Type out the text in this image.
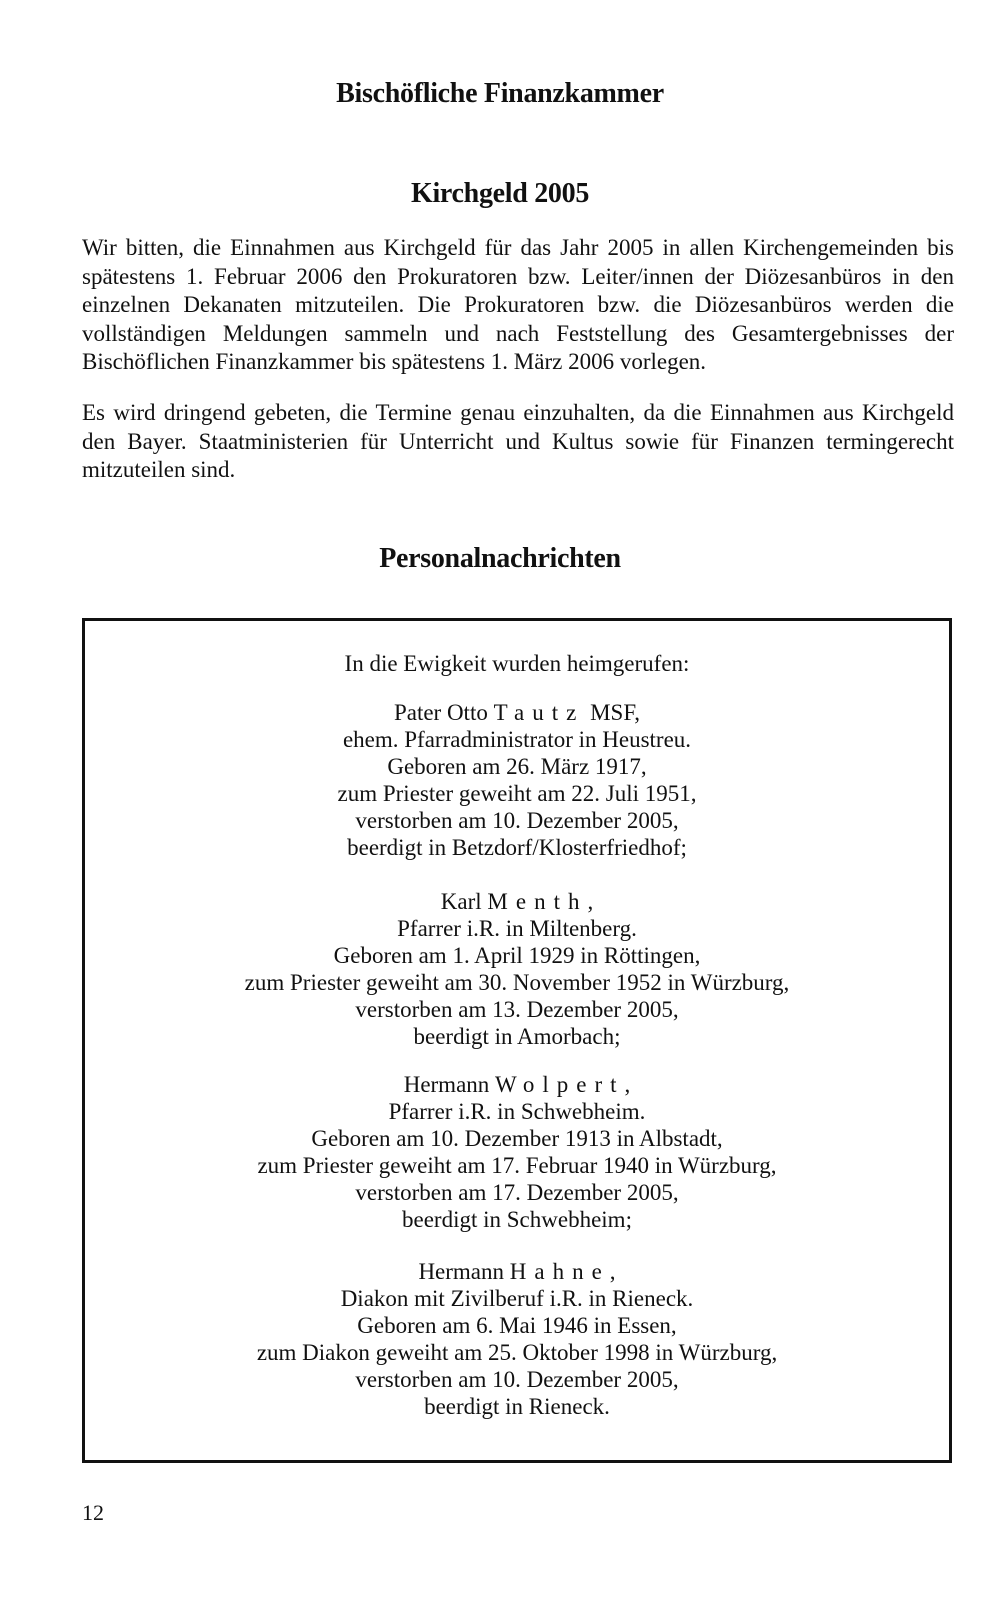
Bischöfliche Finanzkammer
Kirchgeld 2005

Wir bitten, die Einnahmen aus Kirchgeld für das Jahr 2005 in allen Kirchengemeinden bis spätestens 1. Februar 2006 den Prokuratoren bzw. Leiter/innen der Diözesanbüros in den einzelnen Dekanaten mitzuteilen. Die Prokuratoren bzw. die Diözesanbüros werden die vollständigen Meldungen sammeln und nach Feststellung des Gesamtergebnisses der Bischöflichen Finanzkammer bis spätestens 1. März 2006 vorlegen.

Es wird dringend gebeten, die Termine genau einzuhalten, da die Einnahmen aus Kirchgeld den Bayer. Staatministerien für Unterricht und Kultus sowie für Finanzen termingerecht mitzuteilen sind.

Personalnachrichten

In die Ewigkeit wurden heimgerufen:

Pater Otto Tautz MSF,
ehem. Pfarradministrator in Heustreu.
Geboren am 26. März 1917,
zum Priester geweiht am 22. Juli 1951,
verstorben am 10. Dezember 2005,
beerdigt in Betzdorf/Klosterfriedhof;
Karl Menth,
Pfarrer i.R. in Miltenberg.
Geboren am 1. April 1929 in Röttingen,
zum Priester geweiht am 30. November 1952 in Würzburg,
verstorben am 13. Dezember 2005,
beerdigt in Amorbach;
Hermann Wolpert,
Pfarrer i.R. in Schwebheim.
Geboren am 10. Dezember 1913 in Albstadt,
zum Priester geweiht am 17. Februar 1940 in Würzburg,
verstorben am 17. Dezember 2005,
beerdigt in Schwebheim;
Hermann Hahne,
Diakon mit Zivilberuf i.R. in Rieneck.
Geboren am 6. Mai 1946 in Essen,
zum Diakon geweiht am 25. Oktober 1998 in Würzburg,
verstorben am 10. Dezember 2005,
beerdigt in Rieneck.

12
